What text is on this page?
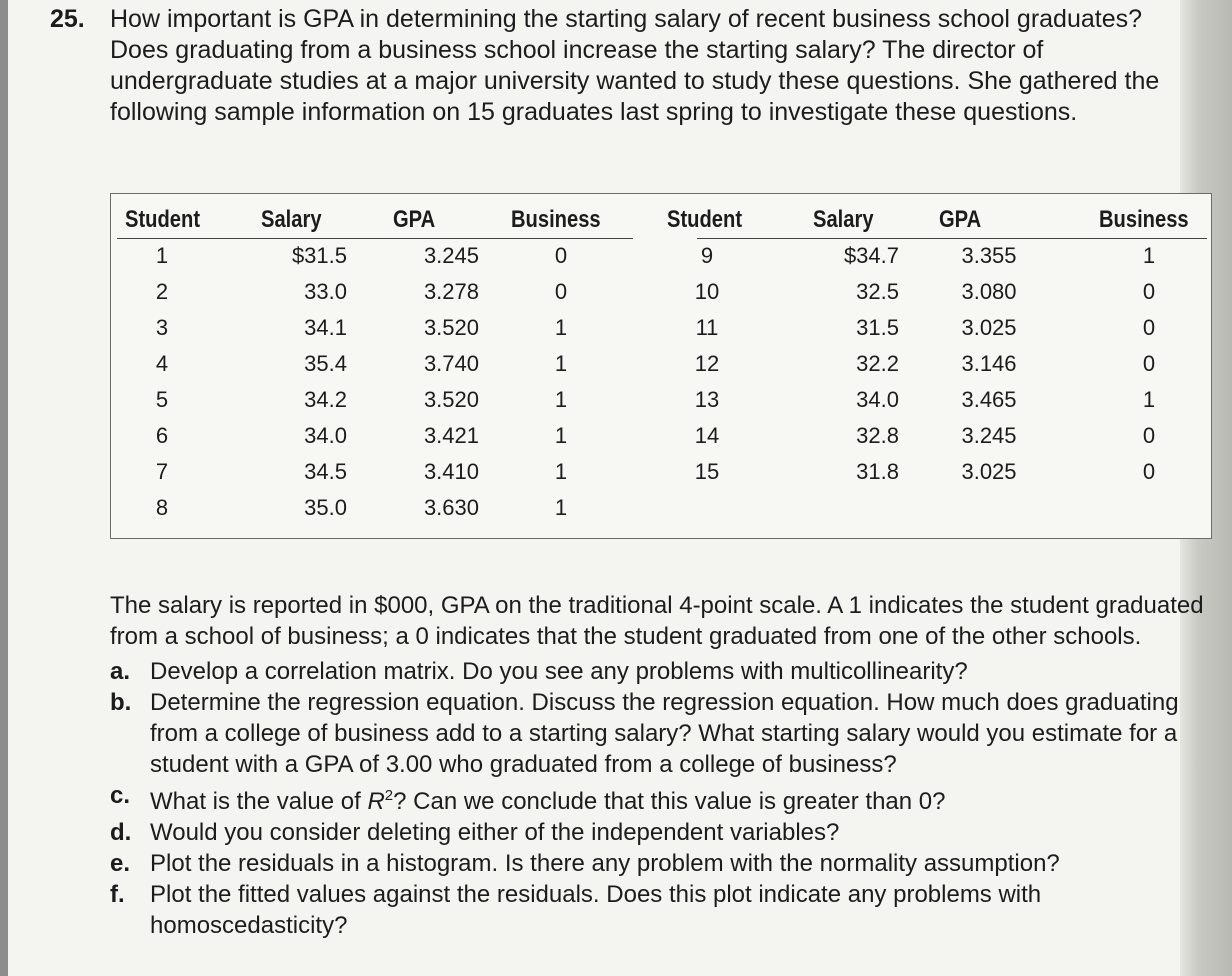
25. How important is GPA in determining the starting salary of recent business school graduates? Does graduating from a business school increase the starting salary? The director of undergraduate studies at a major university wanted to study these questions. She gathered the following sample information on 15 graduates last spring to investigate these questions.
Student
1
2
3
4
5
6
7
8
Salary
$31.5
33.0
34.1
35.4
34.2
34.0
34.5
35.0
GPA
3.245
3.278
3.520
3.740
3.520
3.421
3.410
3.630
Business
0
0
1
1
1
1
1
1
Student
9
10
11
12
13
14
15
Salary
$34.7
32.5
31.5
32.2
34.0
32.8
31.8
GPA
3.355
3.080
3.025
3.146
3.465
3.245
3.025
Business
1
0
0
0
1
0
0

The salary is reported in $000, GPA on the traditional 4-point scale. A 1 indicates the student graduated from a school of business; a 0 indicates that the student graduated from one of the other schools.

a. Develop a correlation matrix. Do you see any problems with multicollinearity?

b. Determine the regression equation. Discuss the regression equation. How much does graduating from a college of business add to a starting salary? What starting salary would you estimate for a student with a GPA of 3.00 who graduated from a college of business?

c. What is the value of $R^2$? Can we conclude that this value is greater than 0?

d. Would you consider deleting either of the independent variables?

e. Plot the residuals in a histogram. Is there any problem with the normality assumption?

f. Plot the fitted values against the residuals. Does this plot indicate any problems with homoscedasticity?
